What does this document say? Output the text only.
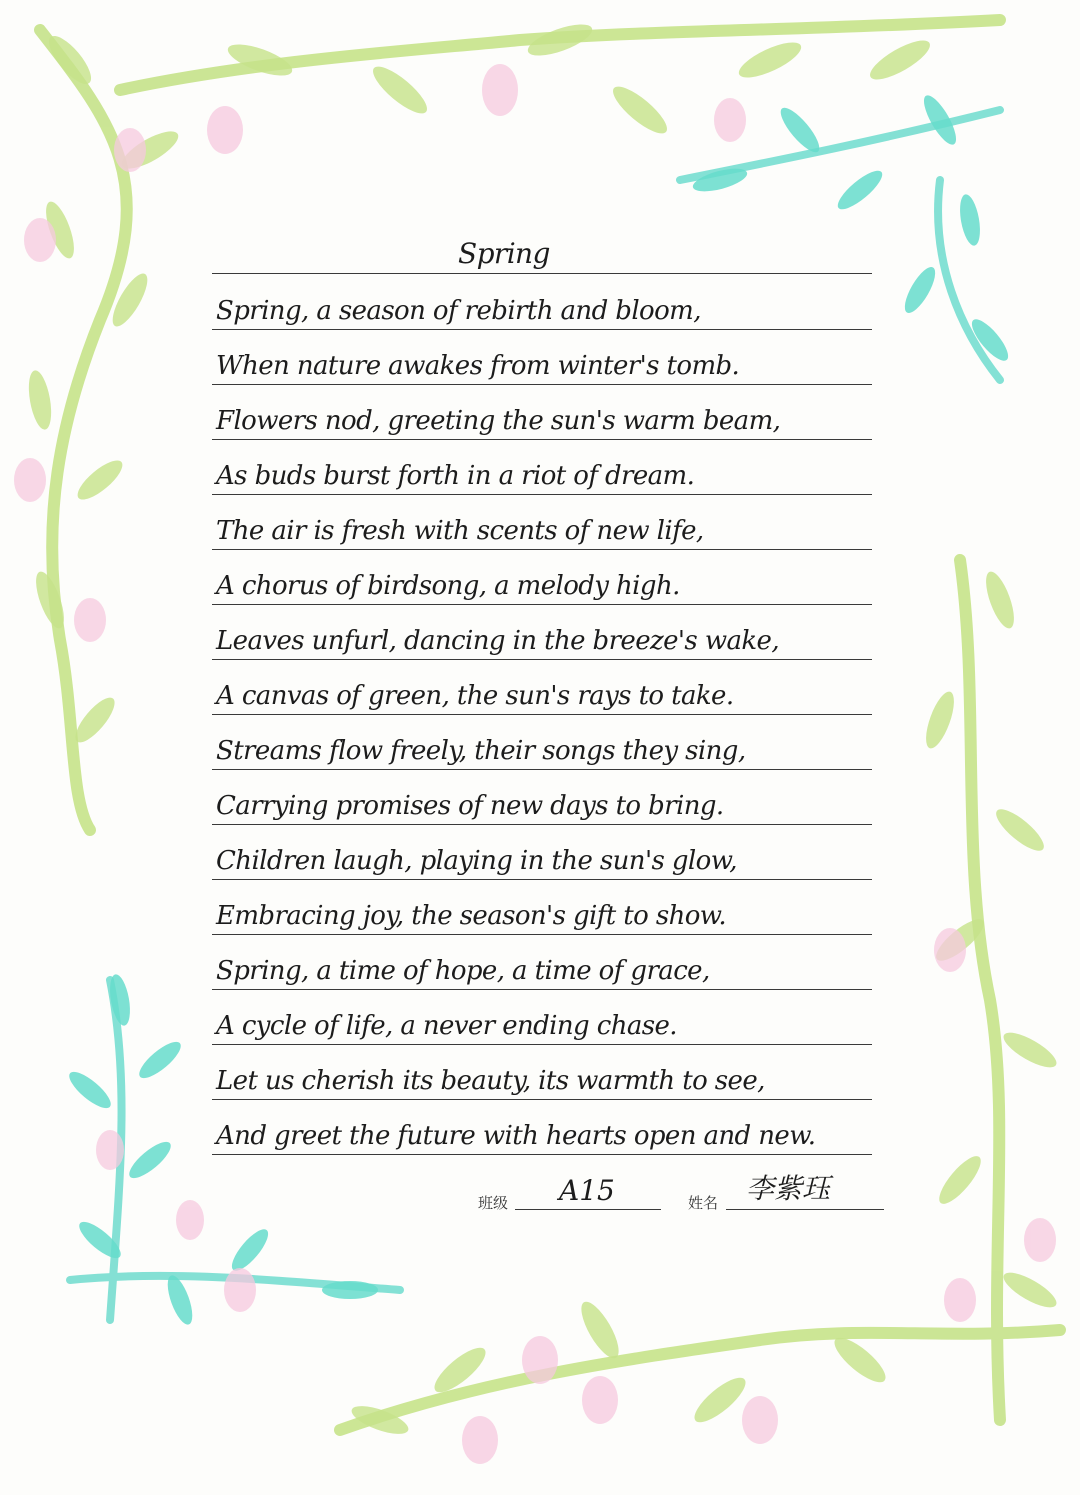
Spring
Spring, a season of rebirth and bloom,
When nature awakes from winter's tomb.
Flowers nod, greeting the sun's warm beam,
As buds burst forth in a riot of dream.
The air is fresh with scents of new life,
A chorus of birdsong, a melody high.
Leaves unfurl, dancing in the breeze's wake,
A canvas of green, the sun's rays to take.
Streams flow freely, their songs they sing,
Carrying promises of new days to bring.
Children laugh, playing in the sun's glow,
Embracing joy, the season's gift to show.
Spring, a time of hope, a time of grace,
A cycle of life, a never ending chase.
Let us cherish its beauty, its warmth to see,
And greet the future with hearts open and new.
班级 A15	姓名 李紫珏
